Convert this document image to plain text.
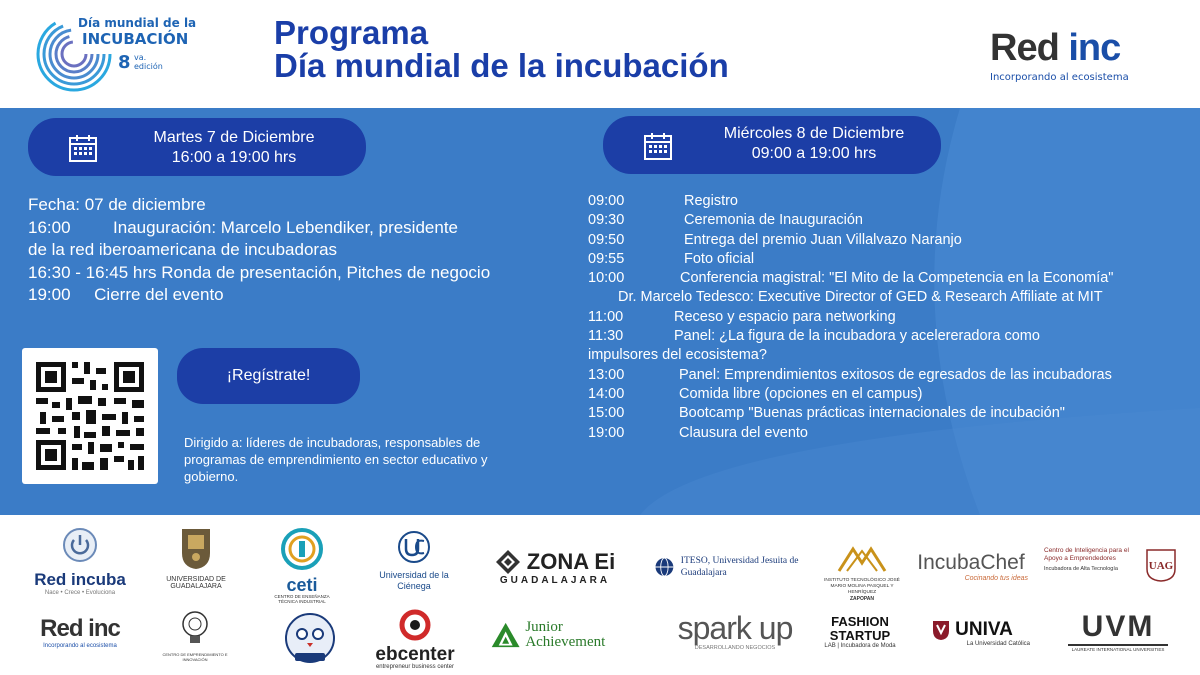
Día mundial de la
INCUBACIÓN
8 va. edición
Programa
Día mundial de la incubación	Red inc
Incorporando al ecosistema
Martes 7 de Diciembre
16:00 a 19:00 hrs
Miércoles 8 de Diciembre
09:00 a 19:00 hrs
Fecha: 07 de diciembre
16:00         Inauguración: Marcelo Lebendiker, presidente
de la red iberoamericana de incubadoras
16:30 - 16:45 hrs Ronda de presentación, Pitches de negocio
19:00     Cierre del evento
¡Regístrate!
Dirigido a: líderes de incubadoras, responsables de programas de emprendimiento en sector educativo y gobierno.
09:00	Registro
09:30	Ceremonia de Inauguración
09:50	Entrega del premio Juan Villalvazo Naranjo
09:55	Foto oficial
10:00	Conferencia magistral: "El Mito de la Competencia en la Economía"
Dr. Marcelo Tedesco: Executive Director of GED & Research Affiliate at MIT
11:00	Receso y espacio para networking
11:30	Panel: ¿La figura de la incubadora y acelereradora como
impulsores del ecosistema?
13:00	Panel: Emprendimientos exitosos de egresados de las incubadoras
14:00	Comida libre (opciones en el campus)
15:00	Bootcamp "Buenas prácticas internacionales de incubación"
19:00	Clausura del evento
Red incuba
Nace • Crece • Evoluciona
UNIVERSIDAD DE GUADALAJARA	ceti
CENTRO DE ENSEÑANZA TÉCNICA INDUSTRIAL
Universidad de la Ciénega
ZONA Ei
GUADALAJARA
ITESO, Universidad Jesuita de Guadalajara
INSTITUTO TECNOLÓGICO JOSÉ MARIO MOLINA PASQUEL Y HENRÍQUEZ
ZAPOPAN
IncubaChef
Cocinando tus ideas
Centro de Inteligencia para el Apoyo a Emprendedores
Incubadora de Alta Tecnología	UAG
Red inc
Incorporando al ecosistema
CENTRO DE EMPRENDIMIENTO E INNOVACIÓN	ebcenter
entrepreneur business center
Junior Achievement	spark up
DESARROLLANDO NEGOCIOS
FASHION STARTUP
LAB | Incubadora de Moda
UNIVA
La Universidad Católica
UVM
LAUREATE INTERNATIONAL UNIVERSITIES
